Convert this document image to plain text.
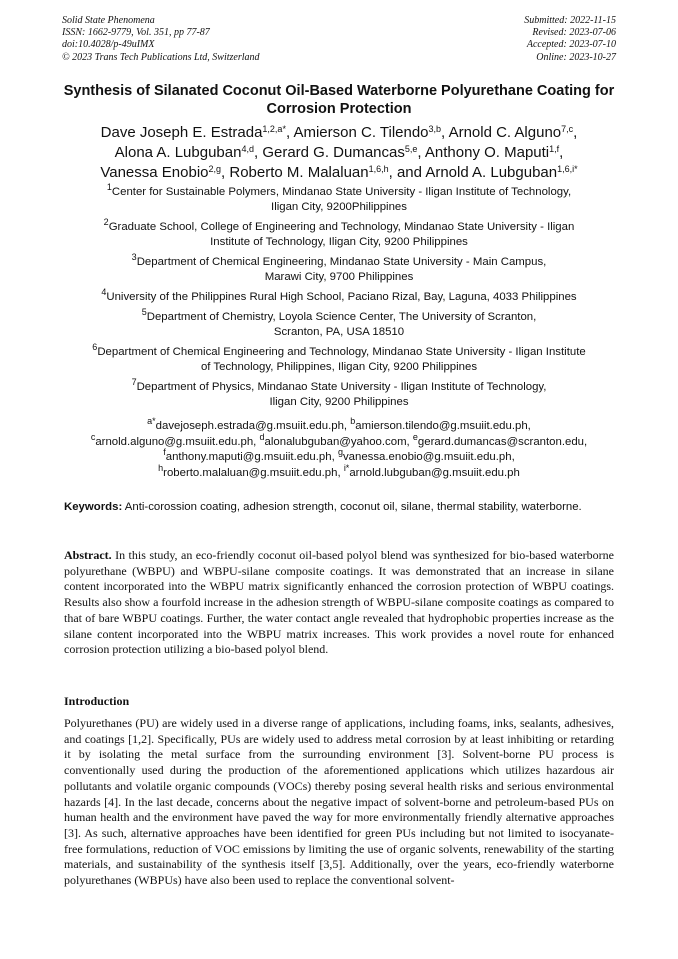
Solid State Phenomena
ISSN: 1662-9779, Vol. 351, pp 77-87
doi:10.4028/p-49uIMX
© 2023 Trans Tech Publications Ltd, Switzerland
Submitted: 2022-11-15
Revised: 2023-07-06
Accepted: 2023-07-10
Online: 2023-10-27
Synthesis of Silanated Coconut Oil-Based Waterborne Polyurethane Coating for Corrosion Protection
Dave Joseph E. Estrada$^{1,2,a*}$, Amierson C. Tilendo$^{3,b}$, Arnold C. Alguno$^{7,c}$,
Alona A. Lubguban$^{4,d}$, Gerard G. Dumancas$^{5,e}$, Anthony O. Maputi$^{1,f}$,
Vanessa Enobio$^{2,g}$, Roberto M. Malaluan$^{1,6,h}$, and Arnold A. Lubguban$^{1,6,i*}$
$^1$Center for Sustainable Polymers, Mindanao State University - Iligan Institute of Technology,
Iligan City, 9200Philippines
$^2$Graduate School, College of Engineering and Technology, Mindanao State University - Iligan
Institute of Technology, Iligan City, 9200 Philippines
$^3$Department of Chemical Engineering, Mindanao State University - Main Campus,
Marawi City, 9700 Philippines
$^4$University of the Philippines Rural High School, Paciano Rizal, Bay, Laguna, 4033 Philippines
$^5$Department of Chemistry, Loyola Science Center, The University of Scranton,
Scranton, PA, USA 18510
$^6$Department of Chemical Engineering and Technology, Mindanao State University - Iligan Institute
of Technology, Philippines, Iligan City, 9200 Philippines
$^7$Department of Physics, Mindanao State University - Iligan Institute of Technology,
Iligan City, 9200 Philippines
$^{a*}$davejoseph.estrada@g.msuiit.edu.ph, $^b$amierson.tilendo@g.msuiit.edu.ph,
$^c$arnold.alguno@g.msuiit.edu.ph, $^d$alonalubguban@yahoo.com, $^e$gerard.dumancas@scranton.edu,
$^f$anthony.maputi@g.msuiit.edu.ph, $^g$vanessa.enobio@g.msuiit.edu.ph,
$^h$roberto.malaluan@g.msuiit.edu.ph, $^{i*}$arnold.lubguban@g.msuiit.edu.ph
Keywords: Anti-corossion coating, adhesion strength, coconut oil, silane, thermal stability, waterborne.
Abstract. In this study, an eco-friendly coconut oil-based polyol blend was synthesized for bio-based waterborne polyurethane (WBPU) and WBPU-silane composite coatings. It was demonstrated that an increase in silane content incorporated into the WBPU matrix significantly enhanced the corrosion protection of WBPU coatings. Results also show a fourfold increase in the adhesion strength of WBPU-silane composite coatings as compared to that of bare WBPU coatings. Further, the water contact angle revealed that hydrophobic properties increase as the silane content incorporated into the WBPU matrix increases. This work provides a novel route for enhanced corrosion protection utilizing a bio-based polyol blend.
Introduction
Polyurethanes (PU) are widely used in a diverse range of applications, including foams, inks, sealants, adhesives, and coatings [1,2]. Specifically, PUs are widely used to address metal corrosion by at least inhibiting or retarding it by isolating the metal surface from the surrounding environment [3]. Solvent-borne PU process is conventionally used during the production of the aforementioned applications which utilizes hazardous air pollutants and volatile organic compounds (VOCs) thereby posing several health risks and serious environmental hazards [4]. In the last decade, concerns about the negative impact of solvent-borne and petroleum-based PUs on human health and the environment have paved the way for more environmentally friendly alternative approaches [3]. As such, alternative approaches have been identified for green PUs including but not limited to isocyanate-free formulations, reduction of VOC emissions by limiting the use of organic solvents, renewability of the starting materials, and sustainability of the synthesis itself [3,5]. Additionally, over the years, eco-friendly waterborne polyurethanes (WBPUs) have also been used to replace the conventional solvent-
